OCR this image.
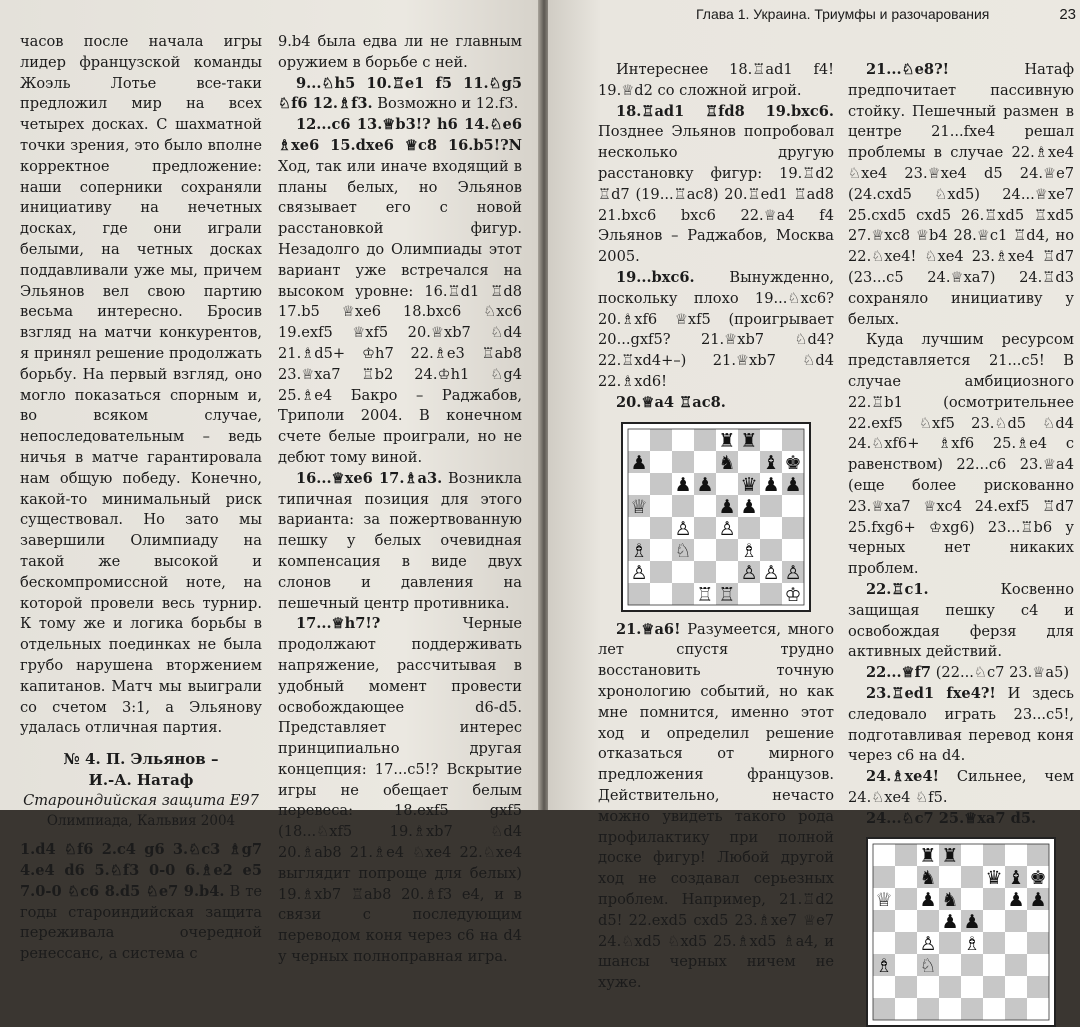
часов после начала игры лидер французской команды Жоэль Лотье все-таки предложил мир на всех четырех досках. С шахматной точки зрения, это было вполне корректное предложение: наши соперники сохраняли инициативу на нечетных досках, где они играли белыми, на четных досках поддавливали уже мы, причем Эльянов вел свою партию весьма интересно. Бросив взгляд на матчи конкурентов, я принял решение продолжать борьбу. На первый взгляд, оно могло показаться спорным и, во всяком случае, непоследовательным – ведь ничья в матче гарантировала нам общую победу. Конечно, какой-то минимальный риск существовал. Но зато мы завершили Олимпиаду на такой же высокой и бескомпромиссной ноте, на которой провели весь турнир. К тому же и логика борьбы в отдельных поединках не была грубо нарушена вторжением капитанов. Матч мы выиграли со счетом 3:1, а Эльянову удалась отличная партия.

№ 4. П. Эльянов –
И.-А. Натаф
Староиндийская защита E97
Олимпиада, Кальвия 2004

1.d4 ♘f6 2.c4 g6 3.♘c3 ♗g7 4.e4 d6 5.♘f3 0-0 6.♗e2 e5 7.0-0 ♘c6 8.d5 ♘e7 9.b4. В те годы староиндийская защита переживала очередной ренессанс, а система с

9.b4 была едва ли не главным оружием в борьбе с ней.

9...♘h5 10.♖e1 f5 11.♘g5 ♘f6 12.♗f3. Возможно и 12.f3.

12...c6 13.♕b3!? h6 14.♘e6 ♗xe6 15.dxe6 ♕c8 16.b5!?N Ход, так или иначе входящий в планы белых, но Эльянов связывает его с новой расстановкой фигур. Незадолго до Олимпиады этот вариант уже встречался на высоком уровне: 16.♖d1 ♖d8 17.b5 ♕xe6 18.bxc6 ♘xc6 19.exf5 ♕xf5 20.♕xb7 ♘d4 21.♗d5+ ♔h7 22.♗e3 ♖ab8 23.♕xa7 ♖b2 24.♔h1 ♘g4 25.♗e4 Бакро – Раджабов, Триполи 2004. В конечном счете белые проиграли, но не дебют тому виной.

16...♕xe6 17.♗a3. Возникла типичная позиция для этого варианта: за пожертвованную пешку у белых очевидная компенсация в виде двух слонов и давления на пешечный центр противника.

17...♕h7!? Черные продолжают поддерживать напряжение, рассчитывая в удобный момент провести освобождающее d6-d5. Представляет интерес принципиально другая концепция: 17...c5!? Вскрытие игры не обещает белым перевеса: 18.exf5 gxf5 (18...♘xf5 19.♗xb7 ♘d4 20.♗ab8 21.♗e4 ♘xe4 22.♘xe4 выглядит попроще для белых) 19.♗xb7 ♖ab8 20.♗f3 e4, и в связи с последующим переводом коня через c6 на d4 у черных полноправная игра.

Глава 1. Украина. Триумфы и разочарования	23

Интереснее 18.♖ad1 f4! 19.♕d2 со сложной игрой.

18.♖ad1 ♖fd8 19.bxc6. Позднее Эльянов попробовал несколько другую расстановку фигур: 19.♖d2 ♖d7 (19...♖ac8) 20.♖ed1 ♖ad8 21.bxc6 bxc6 22.♕a4 f4 Эльянов – Раджабов, Москва 2005.

19...bxc6. Вынужденно, поскольку плохо 19...♘xc6? 20.♗xf6 ♕xf5 (проигрывает 20...gxf5? 21.♕xb7 ♘d4? 22.♖xd4+–) 21.♕xb7 ♘d4 22.♗xd6!

20.♕a4 ♖ac8.

♜ ♜
♟	♞ ♝ ♚
♟ ♟ ♛ ♟ ♟
♕	♟ ♟
♙ ♙
♗ ♘	♗
♙	♙ ♙ ♙
♖ ♖	♔

21.♕a6! Разумеется, много лет спустя трудно восстановить точную хронологию событий, но как мне помнится, именно этот ход и определил решение отказаться от мирного предложения французов. Действительно, нечасто можно увидеть такого рода профилактику при полной доске фигур! Любой другой ход не создавал серьезных проблем. Например, 21.♖d2 d5! 22.exd5 cxd5 23.♗xe7 ♕e7 24.♘xd5 ♘xd5 25.♗xd5 ♗a4, и шансы черных ничем не хуже.

21...♘e8?! Натаф предпочитает пассивную стойку. Пешечный размен в центре 21...fxe4 решал проблемы в случае 22.♗xe4 ♘xe4 23.♕xe4 d5 24.♕e7 (24.cxd5 ♘xd5) 24...♕xe7 25.cxd5 cxd5 26.♖xd5 ♖xd5 27.♕xc8 ♕b4 28.♕c1 ♖d4, но 22.♘xe4! ♘xe4 23.♗xe4 ♖d7 (23...c5 24.♕xa7) 24.♖d3 сохраняло инициативу у белых.

Куда лучшим ресурсом представляется 21...c5! В случае амбициозного 22.♖b1 (осмотрительнее 22.exf5 ♘xf5 23.♘d5 ♘d4 24.♘xf6+ ♗xf6 25.♗e4 с равенством) 22...c6 23.♕a4 (еще более рискованно 23.♕xa7 ♕xc4 24.exf5 ♖d7 25.fxg6+ ♔xg6) 23...♖b6 у черных нет никаких проблем.

22.♖c1. Косвенно защищая пешку c4 и освобождая ферзя для активных действий.

22...♕f7 (22...♘c7 23.♕a5)

23.♖ed1 fxe4?! И здесь следовало играть 23...c5!, подготавливая перевод коня через c6 на d4.

24.♗xe4! Сильнее, чем 24.♘xe4 ♘f5.

24...♘c7 25.♕xa7 d5.

♜ ♜
♞	♛ ♝ ♚
♕ ♟ ♞	♟ ♟
♟ ♟
♙ ♗
♗ ♘
